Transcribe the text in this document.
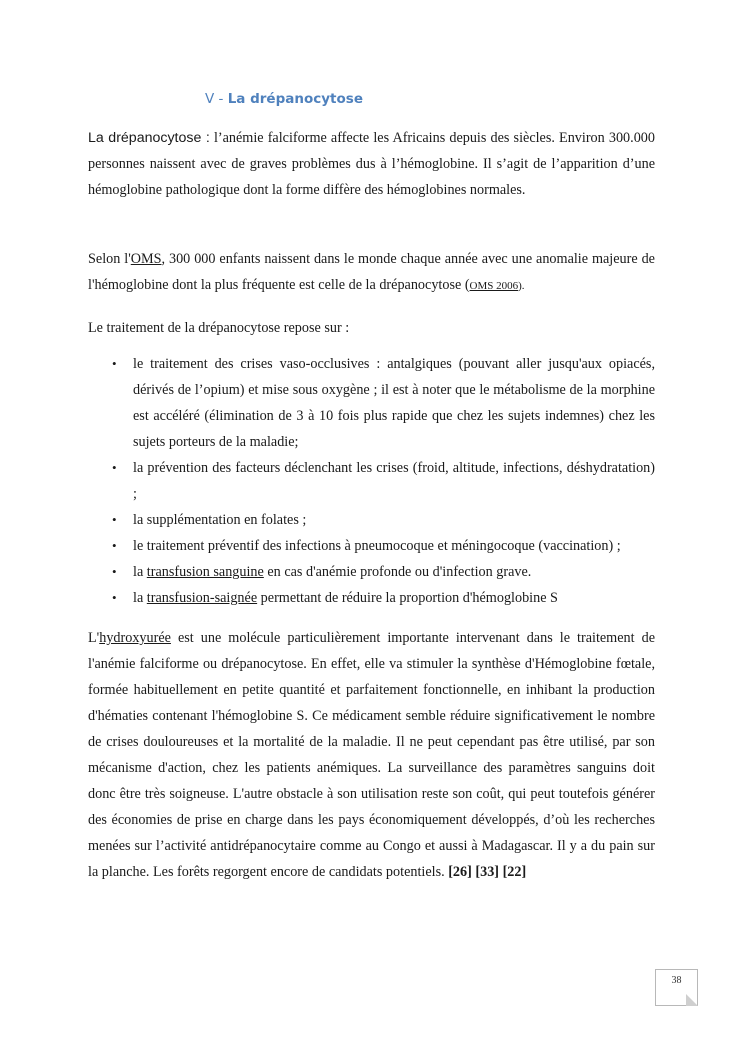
V - La drépanocytose

La drépanocytose : l’anémie falciforme affecte les Africains depuis des siècles. Environ 300.000 personnes naissent avec de graves problèmes dus à l’hémoglobine. Il s’agit de l’apparition d’une hémoglobine pathologique dont la forme diffère des hémoglobines normales.

Selon l'OMS, 300 000 enfants naissent dans le monde chaque année avec une anomalie majeure de l'hémoglobine dont la plus fréquente est celle de la drépanocytose (OMS 2006).

Le traitement de la drépanocytose repose sur :

• le traitement des crises vaso-occlusives : antalgiques (pouvant aller jusqu'aux opiacés, dérivés de l’opium) et mise sous oxygène ; il est à noter que le métabolisme de la morphine est accéléré (élimination de 3 à 10 fois plus rapide que chez les sujets indemnes) chez les sujets porteurs de la maladie;
• la prévention des facteurs déclenchant les crises (froid, altitude, infections, déshydratation) ;
• la supplémentation en folates ;
• le traitement préventif des infections à pneumocoque et méningocoque (vaccination) ;
• la transfusion sanguine en cas d'anémie profonde ou d'infection grave.
• la transfusion-saignée permettant de réduire la proportion d'hémoglobine S

L'hydroxyurée est une molécule particulièrement importante intervenant dans le traitement de l'anémie falciforme ou drépanocytose. En effet, elle va stimuler la synthèse d'Hémoglobine fœtale, formée habituellement en petite quantité et parfaitement fonctionnelle, en inhibant la production d'hématies contenant l'hémoglobine S. Ce médicament semble réduire significativement le nombre de crises douloureuses et la mortalité de la maladie. Il ne peut cependant pas être utilisé, par son mécanisme d'action, chez les patients anémiques. La surveillance des paramètres sanguins doit donc être très soigneuse. L'autre obstacle à son utilisation reste son coût, qui peut toutefois générer des économies de prise en charge dans les pays économiquement développés, d’où les recherches menées sur l’activité antidrépanocytaire comme au Congo et aussi à Madagascar. Il y a du pain sur la planche. Les forêts regorgent encore de candidats potentiels. [26] [33] [22]

38
